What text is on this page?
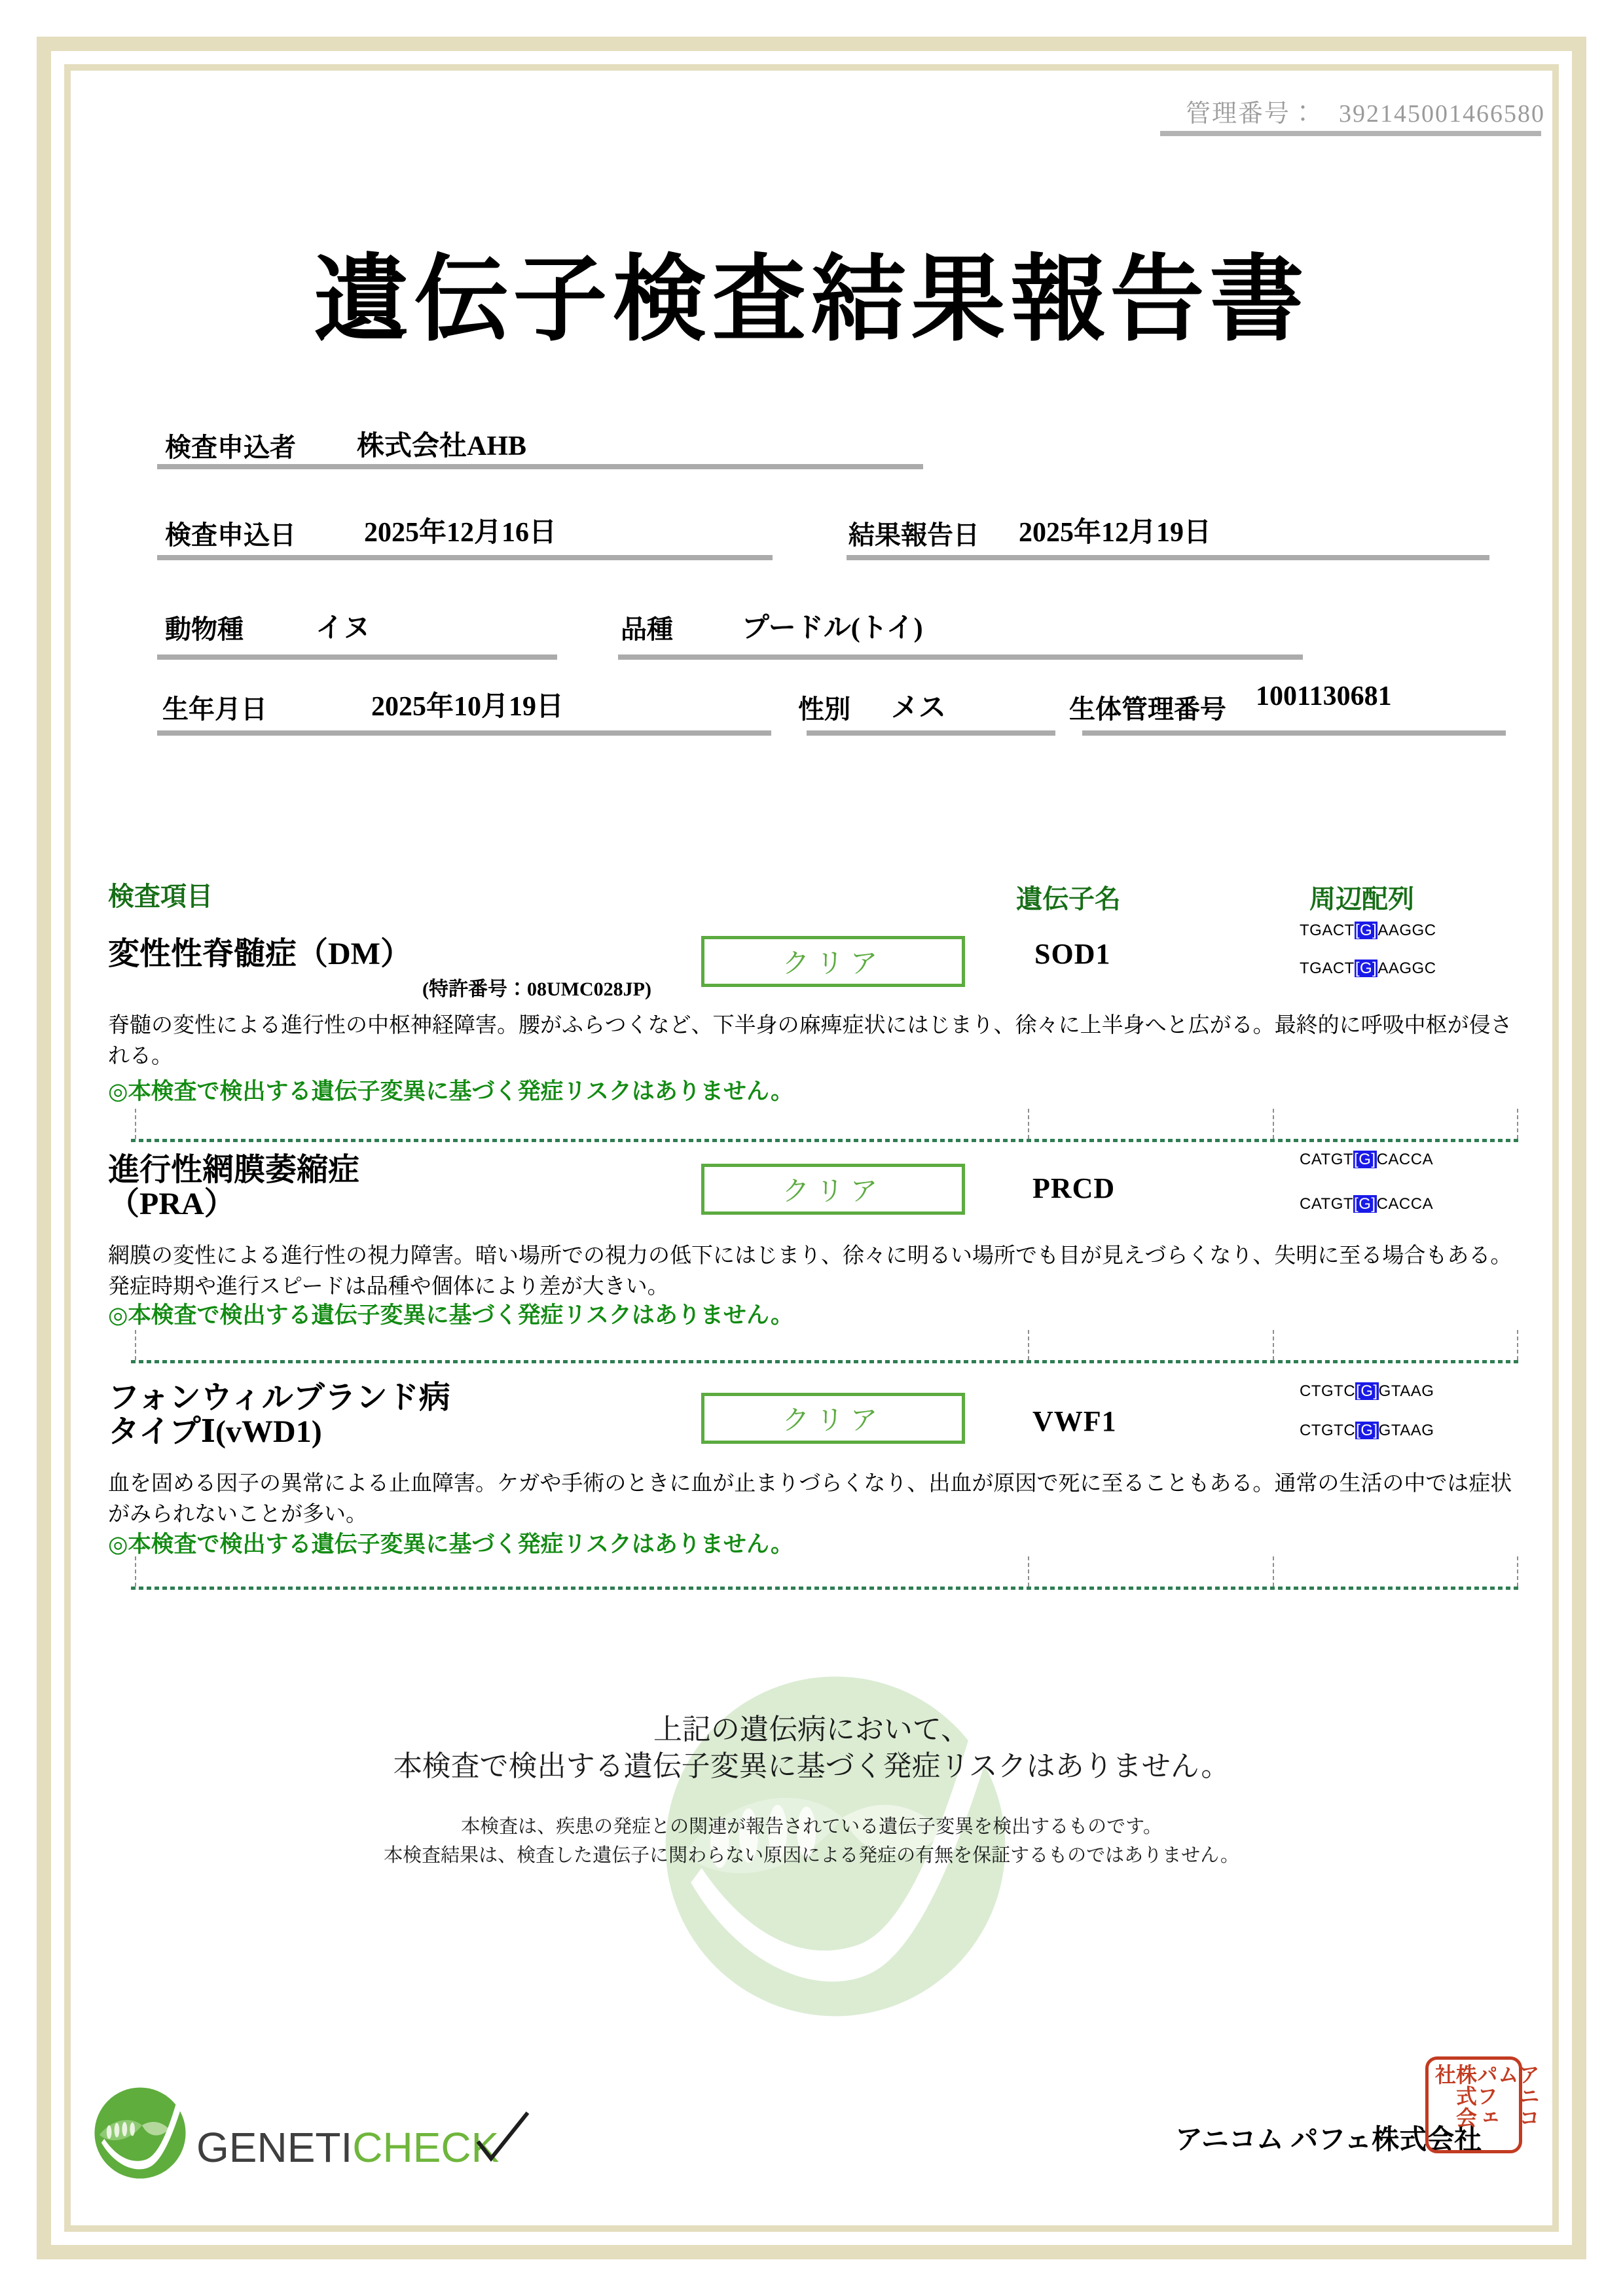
管理番号： 392145001466580
遺伝子検査結果報告書
検査申込者 株式会社AHB
検査申込日 2025年12月16日	結果報告日 2025年12月19日
動物種	イヌ	品種	プードル(トイ)
生年月日	2025年10月19日	性別 メス	生体管理番号 1001130681
検査項目	遺伝子名	周辺配列
変性性脊髄症（DM）
(特許番号：08UMC028JP)
クリア	SOD1
TGACT[G]AAGGC
TGACT[G]AAGGC
脊髄の変性による進行性の中枢神経障害。腰がふらつくなど、下半身の麻痺症状にはじまり、徐々に上半身へと広がる。最終的に呼吸中枢が侵される。
◎本検査で検出する遺伝子変異に基づく発症リスクはありません。
進行性網膜萎縮症
（PRA）	クリア	PRCD
CATGT[G]CACCA
CATGT[G]CACCA
網膜の変性による進行性の視力障害。暗い場所での視力の低下にはじまり、徐々に明るい場所でも目が見えづらくなり、失明に至る場合もある。発症時期や進行スピードは品種や個体により差が大きい。
◎本検査で検出する遺伝子変異に基づく発症リスクはありません。
フォンウィルブランド病
タイプⅠ(vWD1)	クリア	VWF1
CTGTC[G]GTAAG
CTGTC[G]GTAAG
血を固める因子の異常による止血障害。ケガや手術のときに血が止まりづらくなり、出血が原因で死に至ることもある。通常の生活の中では症状がみられないことが多い。
◎本検査で検出する遺伝子変異に基づく発症リスクはありません。
上記の遺伝病において、
本検査で検出する遺伝子変異に基づく発症リスクはありません。
本検査は、疾患の発症との関連が報告されている遺伝子変異を検出するものです。
本検査結果は、検査した遺伝子に関わらない原因による発症の有無を保証するものではありません。
GENETICHECK	アニコム パフェ株式会社
株式会社 パフェ アニコム
